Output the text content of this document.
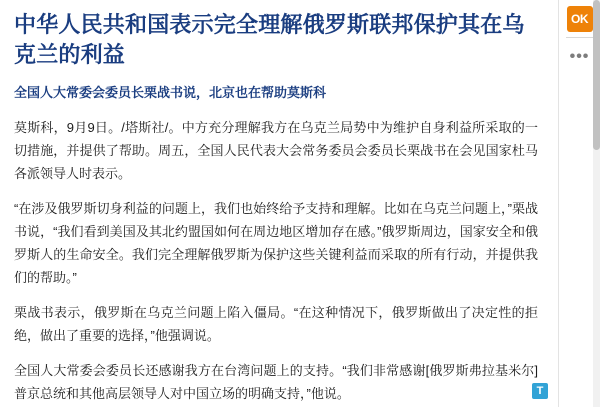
中华人民共和国表示完全理解俄罗斯联邦保护其在乌克兰的利益
全国人大常委会委员长栗战书说，北京也在帮助莫斯科

莫斯科，9月9日。/塔斯社/。中方充分理解我方在乌克兰局势中为维护自身利益所采取的一切措施，并提供了帮助。周五，全国人民代表大会常务委员会委员长栗战书在会见国家杜马各派领导人时表示。

“在涉及俄罗斯切身利益的问题上，我们也始终给予支持和理解。比如在乌克兰问题上，”栗战书说，“我们看到美国及其北约盟国如何在周边地区增加存在感。”俄罗斯周边，国家安全和俄罗斯人的生命安全。我们完全理解俄罗斯为保护这些关键利益而采取的所有行动，并提供我们的帮助。”

栗战书表示，俄罗斯在乌克兰问题上陷入僵局。“在这种情况下，俄罗斯做出了决定性的拒绝，做出了重要的选择，”他强调说。

全国人大常委会委员长还感谢我方在台湾问题上的支持。“我们非常感谢[俄罗斯弗拉基米尔]普京总统和其他高层领导人对中国立场的明确支持，”他说。

OK
•••
T
